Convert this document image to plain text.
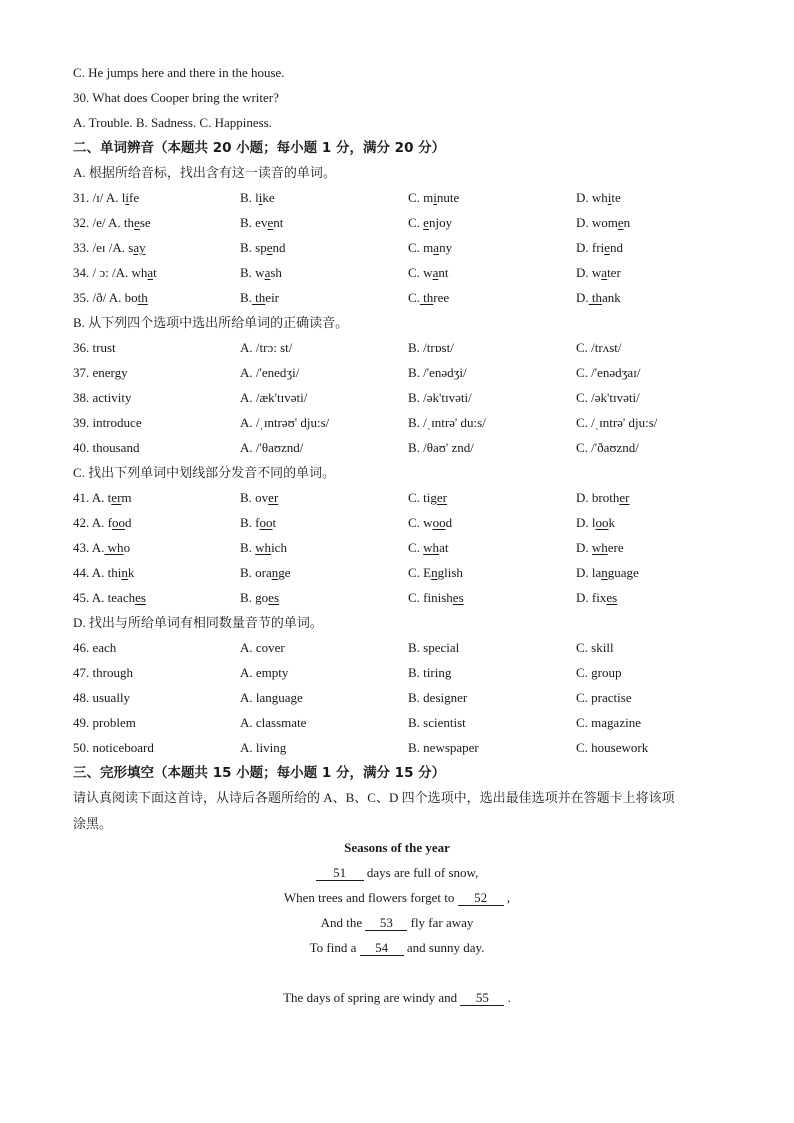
C. He jumps here and there in the house.
30. What does Cooper bring the writer?
A. Trouble. B. Sadness. C. Happiness.
二、单词辨音（本题共 20 小题；每小题 1 分，满分 20 分）
A. 根据所给音标，找出含有这一读音的单词。
31. /ɪ/ A. life	B. like	C. minute	D. white
32. /e/ A. these	B. event	C. enjoy	D. women
33. /eɪ /A. say	B. spend	C. many	D. friend
34. / ɔ: /A. what	B. wash	C. want	D. water
35. /ð/ A. both	B. their	C. three	D. thank
B. 从下列四个选项中选出所给单词的正确读音。
36. trust	A. /trɔ: st/	B. /trɒst/	C. /trʌst/
37. energy	A. /'enedʒi/	B. /'enədʒi/	C. /'enədʒaɪ/
38. activity	A. /æk'tɪvəti/	B. /ək'tɪvəti/	C. /ək'tɪvəti/
39. introduce	A. /ˌɪntrəʊ' dju:s/	B. /ˌɪntrə' du:s/	C. /ˌɪntrə' dju:s/
40. thousand	A. /'θaʊznd/	B. /θaʊ' znd/	C. /'ðaʊznd/
C. 找出下列单词中划线部分发音不同的单词。
41. A. term	B. over	C. tiger	D. brother
42. A. food	B. foot	C. wood	D. look
43. A. who	B. which	C. what	D. where
44. A. think	B. orange	C. English	D. language
45. A. teaches	B. goes	C. finishes	D. fixes
D. 找出与所给单词有相同数量音节的单词。
46. each	A. cover	B. special	C. skill
47. through	A. empty	B. tiring	C. group
48. usually	A. language	B. designer	C. practise
49. problem	A. classmate	B. scientist	C. magazine
50. noticeboard	A. living	B. newspaper	C. housework
三、完形填空（本题共 15 小题；每小题 1 分，满分 15 分）
请认真阅读下面这首诗，从诗后各题所给的 A、B、C、D 四个选项中，选出最佳选项并在答题卡上将该项
涂黑。
Seasons of the year
51 days are full of snow,
When trees and flowers forget to 52 ,
And the 53 fly far away
To find a 54 and sunny day.
The days of spring are windy and 55 .
